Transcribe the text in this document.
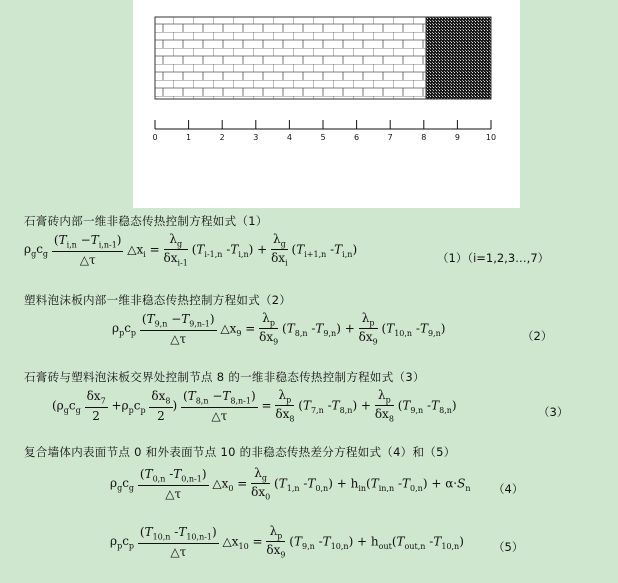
0	1	2	3	4	5	6	7	8	9	10
石膏砖内部一维非稳态传热控制方程如式（1）
$\rho_gc_g \frac{(T_{i,n} -T_{i,n-1})}{\triangle\tau}$ $\triangle x_i = \frac{\lambda_g}{\delta x_{i-1}} (T_{i-1,n}$ $-T_{i,n}) + \frac{\lambda_g}{\delta x_i} (T_{i+1,n}$ $-T_{i,n}$)
（1）（i=1,2,3…,7）
塑料泡沫板内部一维非稳态传热控制方程如式（2）
$\rho_pc_p \frac{(T_{9,n} -T_{9,n-1})}{\triangle\tau}$ $\triangle x_9 = \frac{\lambda_p}{\delta x_9} (T_{8,n}$ $-T_{9,n}) + \frac{\lambda_p}{\delta x_9} (T_{10,n}$ $-T_{9,n}$)
（2）
石膏砖与塑料泡沫板交界处控制节点 8 的一维非稳态传热控制方程如式（3）
($\rho_gc_g \frac{\delta x_7}{2} +\rho_pc_p \frac{\delta x_8}{2}$ ) $\frac{(T_{8,n} -T_{8,n-1})}{\triangle\tau} = \frac{\lambda_p}{\delta x_8} (T_{7,n}$ $-T_{8,n}) + \frac{\lambda_p}{\delta x_8} (T_{9,n}$ $-T_{8,n}$)	（3）
复合墙体内表面节点 0 和外表面节点 10 的非稳态传热差分方程如式（4）和（5）
$\rho_gc_g \frac{(T_{0,n} -T_{0,n-1})}{\triangle\tau}$ $\triangle x_0 = \frac{\lambda_g}{\delta x_0} (T_{1,n}$ $-T_{0,n}) + h_{in}(T_{in,n}$ $-T_{0,n}) + \alpha\cdot S_n$ （4）
$\rho_pc_p \frac{(T_{10,n} -T_{10,n-1})}{\triangle\tau}$ $\triangle x_{10} = \frac{\lambda_p}{\delta x_9} (T_{9,n}$ $-T_{10,n}) + h_{out}(T_{out,n}$ $-T_{10,n}$)	（5）
